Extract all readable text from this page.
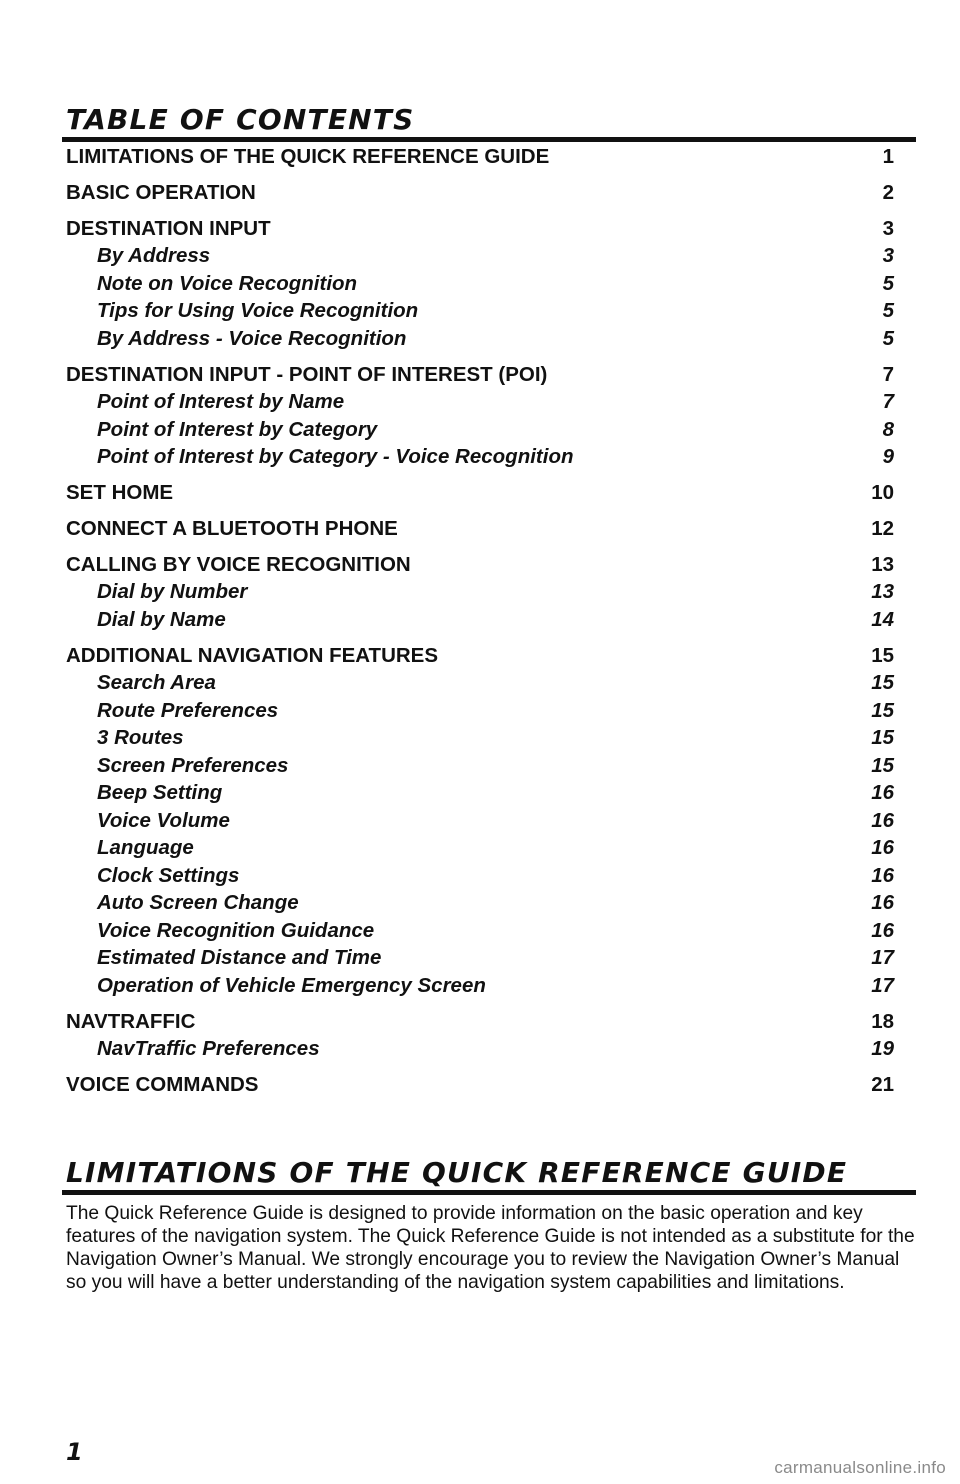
TABLE OF CONTENTS
LIMITATIONS OF THE QUICK REFERENCE GUIDE	1
BASIC OPERATION	2
DESTINATION INPUT	3
By Address	3
Note on Voice Recognition	5
Tips for Using Voice Recognition	5
By Address - Voice Recognition	5
DESTINATION INPUT - POINT OF INTEREST (POI)	7
Point of Interest by Name	7
Point of Interest by Category	8
Point of Interest by Category - Voice Recognition	9
SET HOME	10
CONNECT A BLUETOOTH PHONE	12
CALLING BY VOICE RECOGNITION	13
Dial by Number	13
Dial by Name	14
ADDITIONAL NAVIGATION FEATURES	15
Search Area	15
Route Preferences	15
3 Routes	15
Screen Preferences	15
Beep Setting	16
Voice Volume	16
Language	16
Clock Settings	16
Auto Screen Change	16
Voice Recognition Guidance	16
Estimated Distance and Time	17
Operation of Vehicle Emergency Screen	17
NAVTRAFFIC	18
NavTraffic Preferences	19
VOICE COMMANDS	21
LIMITATIONS OF THE QUICK REFERENCE GUIDE

The Quick Reference Guide is designed to provide information on the basic operation and key features of the navigation system. The Quick Reference Guide is not intended as a substitute for the Navigation Owner’s Manual. We strongly encourage you to review the Navigation Owner’s Manual so you will have a better understanding of the navigation system capabilities and limitations.

1
carmanualsonline.info
